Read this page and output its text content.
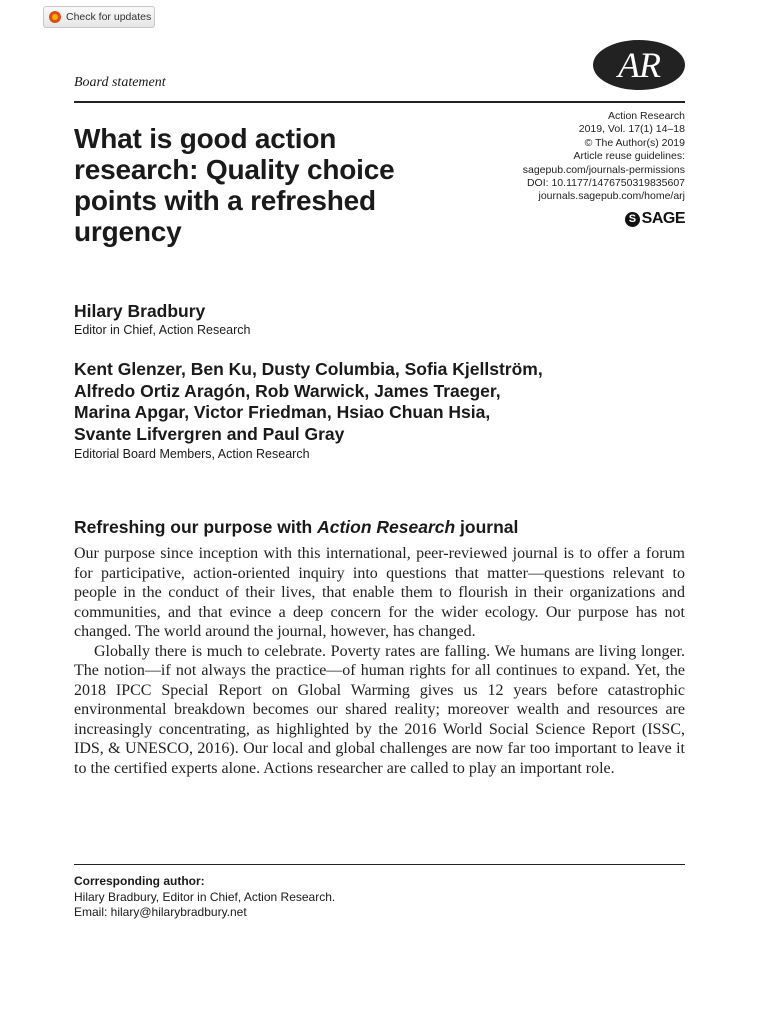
Check for updates
AR
Board statement
What is good action research: Quality choice points with a refreshed urgency
Action Research
2019, Vol. 17(1) 14–18
© The Author(s) 2019
Article reuse guidelines:
sagepub.com/journals-permissions
DOI: 10.1177/1476750319835607
journals.sagepub.com/home/arj
S SAGE
Hilary Bradbury
Editor in Chief, Action Research
Kent Glenzer, Ben Ku, Dusty Columbia, Sofia Kjellström,
Alfredo Ortiz Aragón, Rob Warwick, James Traeger,
Marina Apgar, Victor Friedman, Hsiao Chuan Hsia,
Svante Lifvergren and Paul Gray
Editorial Board Members, Action Research
Refreshing our purpose with Action Research journal

Our purpose since inception with this international, peer-reviewed journal is to offer a forum for participative, action-oriented inquiry into questions that matter—questions relevant to people in the conduct of their lives, that enable them to flourish in their organizations and communities, and that evince a deep concern for the wider ecology. Our purpose has not changed. The world around the journal, however, has changed.

Globally there is much to celebrate. Poverty rates are falling. We humans are living longer. The notion—if not always the practice—of human rights for all continues to expand. Yet, the 2018 IPCC Special Report on Global Warming gives us 12 years before catastrophic environmental breakdown becomes our shared reality; moreover wealth and resources are increasingly concentrating, as highlighted by the 2016 World Social Science Report (ISSC, IDS, & UNESCO, 2016). Our local and global challenges are now far too important to leave it to the certified experts alone. Actions researcher are called to play an important role.

Corresponding author:
Hilary Bradbury, Editor in Chief, Action Research.
Email: hilary@hilarybradbury.net
